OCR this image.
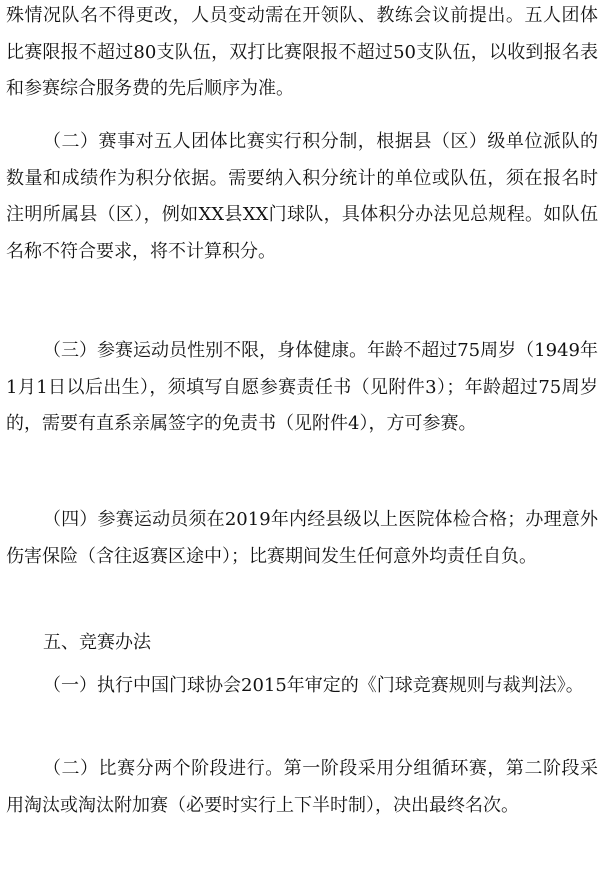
殊情况队名不得更改，人员变动需在开领队、教练会议前提出。五人团体比赛限报不超过80支队伍，双打比赛限报不超过50支队伍，以收到报名表和参赛综合服务费的先后顺序为准。

（二）赛事对五人团体比赛实行积分制，根据县（区）级单位派队的数量和成绩作为积分依据。需要纳入积分统计的单位或队伍，须在报名时注明所属县（区），例如XX县XX门球队，具体积分办法见总规程。如队伍名称不符合要求，将不计算积分。

（三）参赛运动员性别不限，身体健康。年龄不超过75周岁（1949年1月1日以后出生），须填写自愿参赛责任书（见附件3）；年龄超过75周岁的，需要有直系亲属签字的免责书（见附件4），方可参赛。

（四）参赛运动员须在2019年内经县级以上医院体检合格；办理意外伤害保险（含往返赛区途中）；比赛期间发生任何意外均责任自负。

五、竞赛办法

（一）执行中国门球协会2015年审定的《门球竞赛规则与裁判法》。

（二）比赛分两个阶段进行。第一阶段采用分组循环赛，第二阶段采用淘汰或淘汰附加赛（必要时实行上下半时制），决出最终名次。
